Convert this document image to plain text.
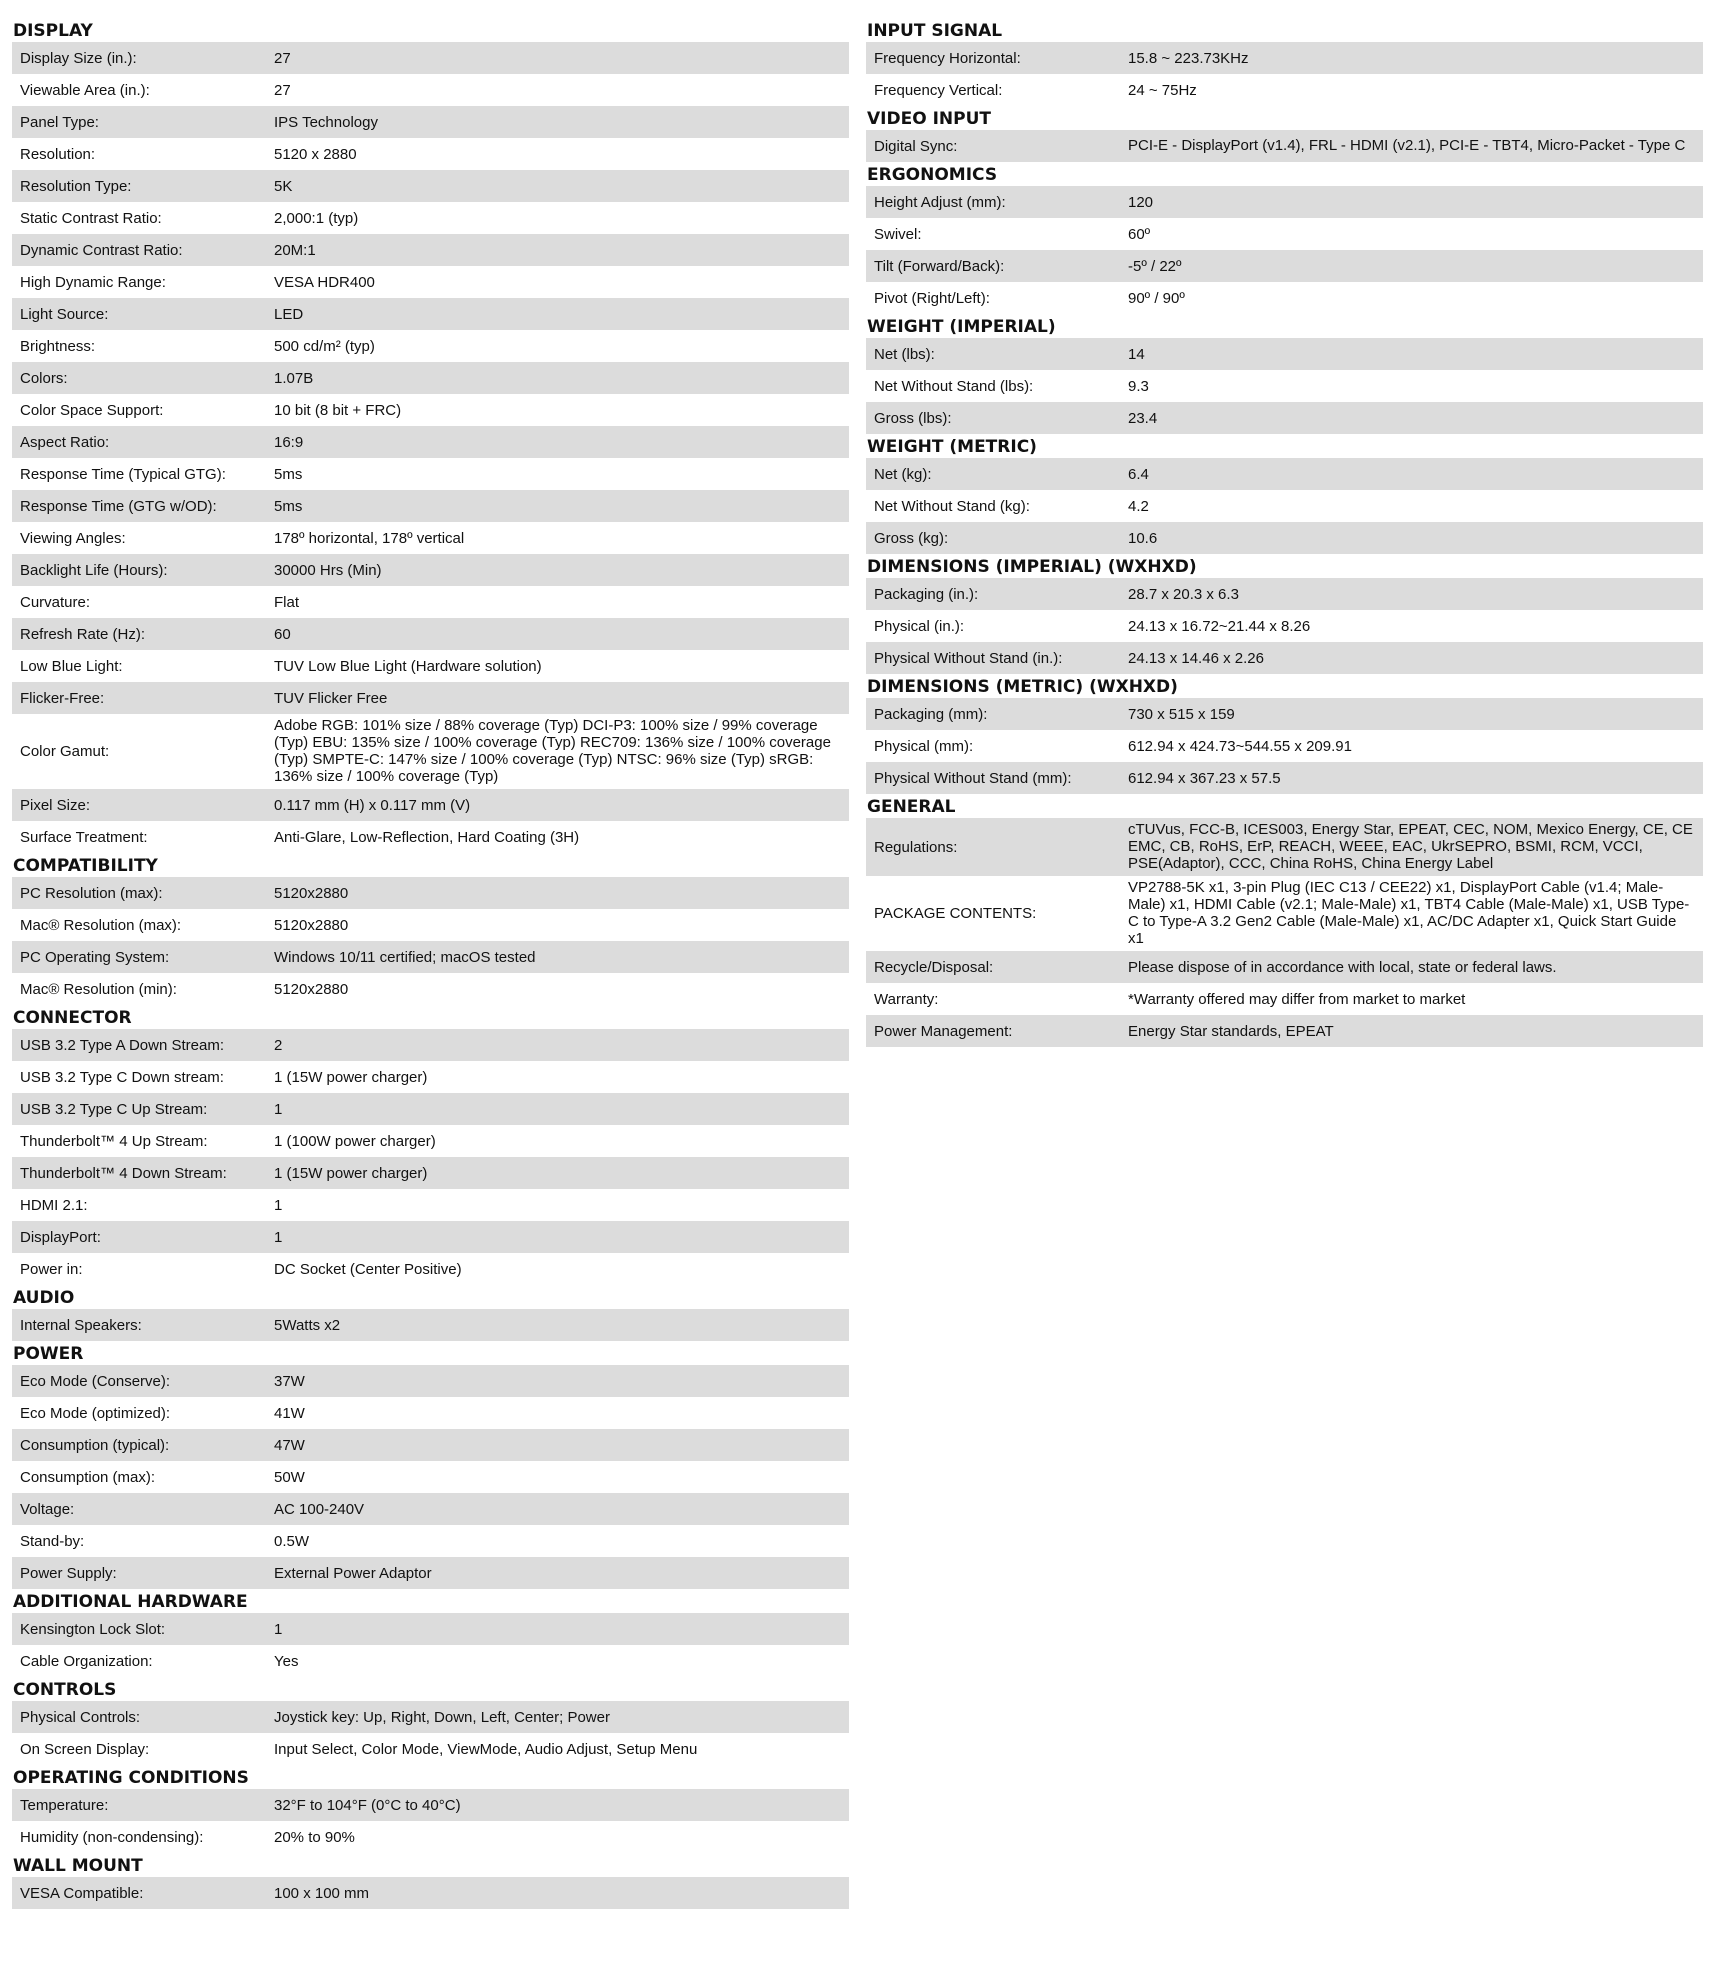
DISPLAY
Display Size (in.):	27
Viewable Area (in.):	27
Panel Type:	IPS Technology
Resolution:	5120 x 2880
Resolution Type:	5K
Static Contrast Ratio:	2,000:1 (typ)
Dynamic Contrast Ratio:	20M:1
High Dynamic Range:	VESA HDR400
Light Source:	LED
Brightness:	500 cd/m² (typ)
Colors:	1.07B
Color Space Support:	10 bit (8 bit + FRC)
Aspect Ratio:	16:9
Response Time (Typical GTG):	5ms
Response Time (GTG w/OD):	5ms
Viewing Angles:	178º horizontal, 178º vertical
Backlight Life (Hours):	30000 Hrs (Min)
Curvature:	Flat
Refresh Rate (Hz):	60
Low Blue Light:	TUV Low Blue Light (Hardware solution)
Flicker-Free:	TUV Flicker Free
Color Gamut:
Adobe RGB: 101% size / 88% coverage (Typ) DCI-P3: 100% size / 99% coverage (Typ) EBU: 135% size / 100% coverage (Typ) REC709: 136% size / 100% coverage (Typ) SMPTE-C: 147% size / 100% coverage (Typ) NTSC: 96% size (Typ) sRGB: 136% size / 100% coverage (Typ)
Pixel Size:	0.117 mm (H) x 0.117 mm (V)
Surface Treatment:	Anti-Glare, Low-Reflection, Hard Coating (3H)
COMPATIBILITY
PC Resolution (max):	5120x2880
Mac® Resolution (max):	5120x2880
PC Operating System:	Windows 10/11 certified; macOS tested
Mac® Resolution (min):	5120x2880
CONNECTOR
USB 3.2 Type A Down Stream:	2
USB 3.2 Type C Down stream:	1 (15W power charger)
USB 3.2 Type C Up Stream:	1
Thunderbolt™ 4 Up Stream:	1 (100W power charger)
Thunderbolt™ 4 Down Stream:	1 (15W power charger)
HDMI 2.1:	1
DisplayPort:	1
Power in:	DC Socket (Center Positive)
AUDIO
Internal Speakers:	5Watts x2
POWER
Eco Mode (Conserve):	37W
Eco Mode (optimized):	41W
Consumption (typical):	47W
Consumption (max):	50W
Voltage:	AC 100-240V
Stand-by:	0.5W
Power Supply:	External Power Adaptor
ADDITIONAL HARDWARE
Kensington Lock Slot:	1
Cable Organization:	Yes
CONTROLS
Physical Controls:	Joystick key: Up, Right, Down, Left, Center; Power
On Screen Display:	Input Select, Color Mode, ViewMode, Audio Adjust, Setup Menu
OPERATING CONDITIONS
Temperature:	32°F to 104°F (0°C to 40°C)
Humidity (non-condensing):	20% to 90%
WALL MOUNT
VESA Compatible:	100 x 100 mm
INPUT SIGNAL
Frequency Horizontal:	15.8 ~ 223.73KHz
Frequency Vertical:	24 ~ 75Hz
VIDEO INPUT
Digital Sync:	PCI-E - DisplayPort (v1.4), FRL - HDMI (v2.1), PCI-E - TBT4, Micro-Packet - Type C
ERGONOMICS
Height Adjust (mm):	120
Swivel:	60º
Tilt (Forward/Back):	-5º / 22º
Pivot (Right/Left):	90º / 90º
WEIGHT (IMPERIAL)
Net (lbs):	14
Net Without Stand (lbs):	9.3
Gross (lbs):	23.4
WEIGHT (METRIC)
Net (kg):	6.4
Net Without Stand (kg):	4.2
Gross (kg):	10.6
DIMENSIONS (IMPERIAL) (WXHXD)
Packaging (in.):	28.7 x 20.3 x 6.3
Physical (in.):	24.13 x 16.72~21.44 x 8.26
Physical Without Stand (in.):	24.13 x 14.46 x 2.26
DIMENSIONS (METRIC) (WXHXD)
Packaging (mm):	730 x 515 x 159
Physical (mm):	612.94 x 424.73~544.55 x 209.91
Physical Without Stand (mm):	612.94 x 367.23 x 57.5
GENERAL
Regulations:
cTUVus, FCC-B, ICES003, Energy Star, EPEAT, CEC, NOM, Mexico Energy, CE, CE EMC, CB, RoHS, ErP, REACH, WEEE, EAC, UkrSEPRO, BSMI, RCM, VCCI, PSE(Adaptor), CCC, China RoHS, China Energy Label
PACKAGE CONTENTS:
VP2788-5K x1, 3-pin Plug (IEC C13 / CEE22) x1, DisplayPort Cable (v1.4; Male-Male) x1, HDMI Cable (v2.1; Male-Male) x1, TBT4 Cable (Male-Male) x1, USB Type-C to Type-A 3.2 Gen2 Cable (Male-Male) x1, AC/DC Adapter x1, Quick Start Guide x1
Recycle/Disposal:	Please dispose of in accordance with local, state or federal laws.
Warranty:	*Warranty offered may differ from market to market
Power Management:	Energy Star standards, EPEAT
